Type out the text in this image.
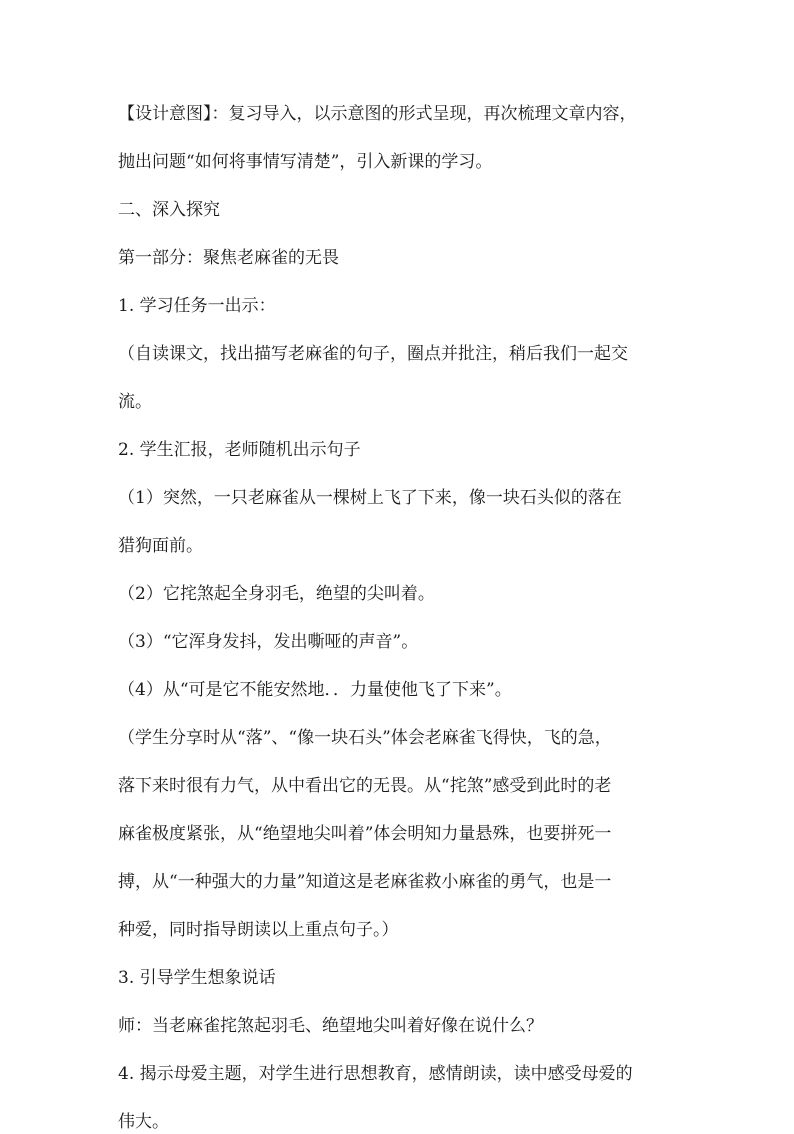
【设计意图】：复习导入，以示意图的形式呈现，再次梳理文章内容，
抛出问题“如何将事情写清楚”，引入新课的学习。
二、深入探究
第一部分：聚焦老麻雀的无畏
1. 学习任务一出示：
（自读课文，找出描写老麻雀的句子，圈点并批注，稍后我们一起交
流。
2. 学生汇报，老师随机出示句子
（1）突然，一只老麻雀从一棵树上飞了下来，像一块石头似的落在
猎狗面前。
（2）它挓煞起全身羽毛，绝望的尖叫着。
（3）“它浑身发抖，发出嘶哑的声音”。
（4）从“可是它不能安然地．．力量使他飞了下来”。
（学生分享时从“落”、“像一块石头”体会老麻雀飞得快，飞的急，
落下来时很有力气，从中看出它的无畏。从“挓煞”感受到此时的老
麻雀极度紧张，从“绝望地尖叫着”体会明知力量悬殊，也要拼死一
搏，从“一种强大的力量”知道这是老麻雀救小麻雀的勇气，也是一
种爱，同时指导朗读以上重点句子。）
3. 引导学生想象说话
师：当老麻雀挓煞起羽毛、绝望地尖叫着好像在说什么？
4. 揭示母爱主题，对学生进行思想教育，感情朗读，读中感受母爱的
伟大。
